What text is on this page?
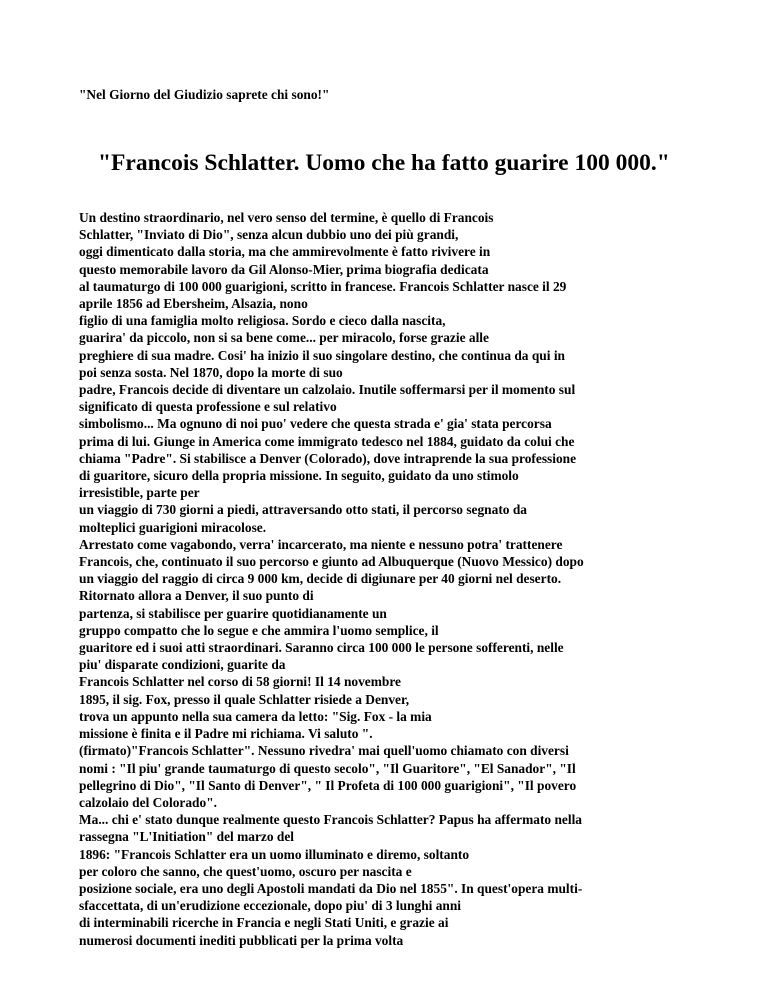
"Nel Giorno del Giudizio saprete chi sono!"
"Francois Schlatter. Uomo che ha fatto guarire 100 000."
Un destino straordinario, nel vero senso del termine, è quello di Francois
Schlatter, "Inviato di Dio", senza alcun dubbio uno dei più grandi,
oggi dimenticato dalla storia, ma che ammirevolmente è fatto rivivere in
questo memorabile lavoro da Gil Alonso-Mier, prima biografia dedicata
al taumaturgo di 100 000 guarigioni, scritto in francese. Francois Schlatter nasce il 29
aprile 1856 ad Ebersheim, Alsazia, nono
figlio di una famiglia molto religiosa. Sordo e cieco dalla nascita,
guarira' da piccolo, non si sa bene come... per miracolo, forse grazie alle
preghiere di sua madre. Cosi' ha inizio il suo singolare destino, che continua da qui in
poi senza sosta. Nel 1870, dopo la morte di suo
padre, Francois decide di diventare un calzolaio. Inutile soffermarsi per il momento sul
significato di questa professione e sul relativo
simbolismo... Ma ognuno di noi puo' vedere che questa strada e' gia' stata percorsa
prima di lui. Giunge in America come immigrato tedesco nel 1884, guidato da colui che
chiama "Padre". Si stabilisce a Denver (Colorado), dove intraprende la sua professione
di guaritore, sicuro della propria missione. In seguito, guidato da uno stimolo
irresistible, parte per
un viaggio di 730 giorni a piedi, attraversando otto stati, il percorso segnato da
molteplici guarigioni miracolose.
Arrestato come vagabondo, verra' incarcerato, ma niente e nessuno potra' trattenere
Francois, che, continuato il suo percorso e giunto ad Albuquerque (Nuovo Messico) dopo
un viaggio del raggio di circa 9 000 km, decide di digiunare per 40 giorni nel deserto.
Ritornato allora a Denver, il suo punto di
partenza, si stabilisce per guarire quotidianamente un
gruppo compatto che lo segue e che ammira l'uomo semplice, il
guaritore ed i suoi atti straordinari. Saranno circa 100 000 le persone sofferenti, nelle
piu' disparate condizioni, guarite da
Francois Schlatter nel corso di 58 giorni! Il 14 novembre
1895, il sig. Fox, presso il quale Schlatter risiede a Denver,
trova un appunto nella sua camera da letto: "Sig. Fox - la mia
missione è finita e il Padre mi richiama. Vi saluto ".
(firmato)"Francois Schlatter". Nessuno rivedra' mai quell'uomo chiamato con diversi
nomi : "Il piu' grande taumaturgo di questo secolo", "Il Guaritore", "El Sanador", "Il
pellegrino di Dio", "Il Santo di Denver", " Il Profeta di 100 000 guarigioni", "Il povero
calzolaio del Colorado".
Ma... chi e' stato dunque realmente questo Francois Schlatter? Papus ha affermato nella
rassegna "L'Initiation" del marzo del
1896: "Francois Schlatter era un uomo illuminato e diremo, soltanto
per coloro che sanno, che quest'uomo, oscuro per nascita e
posizione sociale, era uno degli Apostoli mandati da Dio nel 1855". In quest'opera multi-
sfaccettata, di un'erudizione eccezionale, dopo piu' di 3 lunghi anni
di interminabili ricerche in Francia e negli Stati Uniti, e grazie ai
numerosi documenti inediti pubblicati per la prima volta
